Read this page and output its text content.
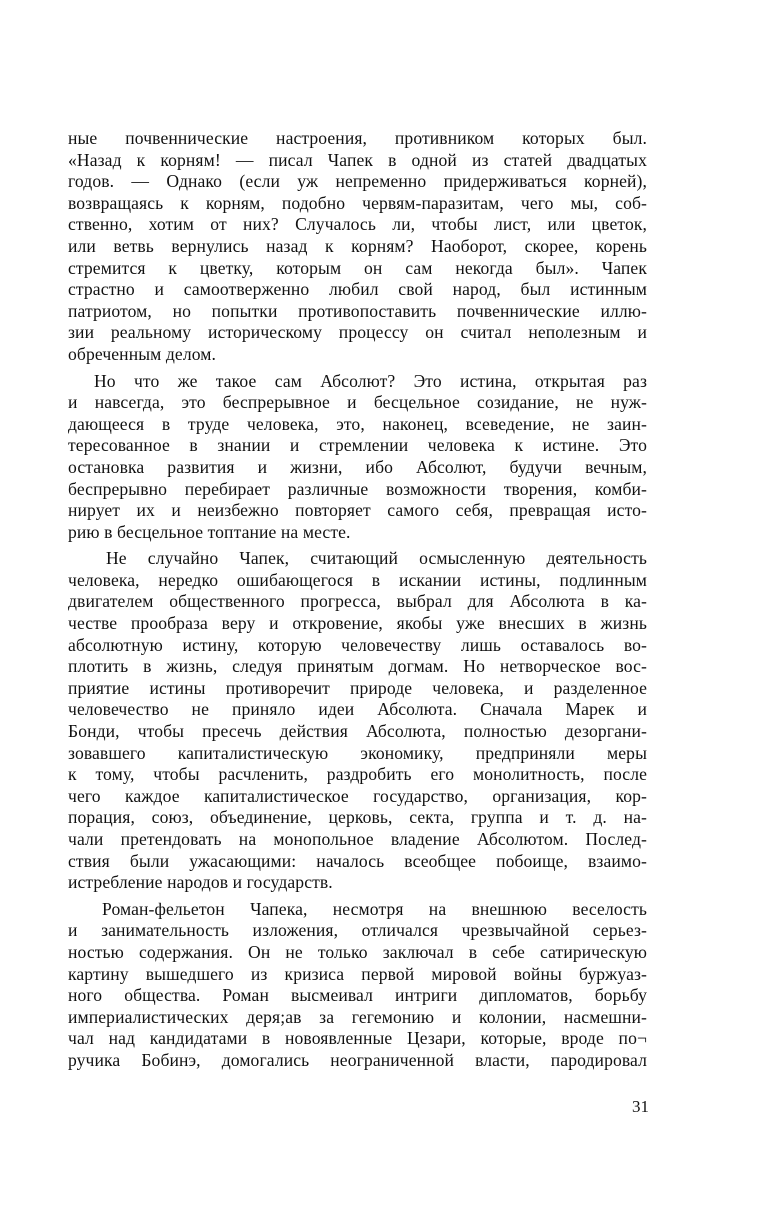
ные почвеннические настроения, противником которых был.
«Назад к корням! — писал Чапек в одной из статей двадцатых
годов. — Однако (если уж непременно придерживаться корней),
возвращаясь к корням, подобно червям-паразитам, чего мы, соб-
ственно, хотим от них? Случалось ли, чтобы лист, или цветок,
или ветвь вернулись назад к корням? Наоборот, скорее, корень
стремится к цветку, которым он сам некогда был». Чапек
страстно и самоотверженно любил свой народ, был истинным
патриотом, но попытки противопоставить почвеннические иллю-
зии реальному историческому процессу он считал неполезным и
обреченным делом.
Но что же такое сам Абсолют? Это истина, открытая раз
и навсегда, это беспрерывное и бесцельное созидание, не нуж-
дающееся в труде человека, это, наконец, всеведение, не заин-
тересованное в знании и стремлении человека к истине. Это
остановка развития и жизни, ибо Абсолют, будучи вечным,
беспрерывно перебирает различные возможности творения, комби-
нирует их и неизбежно повторяет самого себя, превращая исто-
рию в бесцельное топтание на месте.
Не случайно Чапек, считающий осмысленную деятельность
человека, нередко ошибающегося в искании истины, подлинным
двигателем общественного прогресса, выбрал для Абсолюта в ка-
честве прообраза веру и откровение, якобы уже внесших в жизнь
абсолютную истину, которую человечеству лишь оставалось во-
плотить в жизнь, следуя принятым догмам. Но нетворческое вос-
приятие истины противоречит природе человека, и разделенное
человечество не приняло идеи Абсолюта. Сначала Марек и
Бонди, чтобы пресечь действия Абсолюта, полностью дезоргани-
зовавшего капиталистическую экономику, предприняли меры
к тому, чтобы расчленить, раздробить его монолитность, после
чего каждое капиталистическое государство, организация, кор-
порация, союз, объединение, церковь, секта, группа и т. д. на-
чали претендовать на монопольное владение Абсолютом. Послед-
ствия были ужасающими: началось всеобщее побоище, взаимо-
истребление народов и государств.
Роман-фельетон Чапека, несмотря на внешнюю веселость
и занимательность изложения, отличался чрезвычайной серьез-
ностью содержания. Он не только заключал в себе сатирическую
картину вышедшего из кризиса первой мировой войны буржуаз-
ного общества. Роман высмеивал интриги дипломатов, борьбу
империалистических деря;ав за гегемонию и колонии, насмешни-
чал над кандидатами в новоявленные Цезари, которые, вроде по¬
ручика Бобинэ, домогались неограниченной власти, пародировал
31
